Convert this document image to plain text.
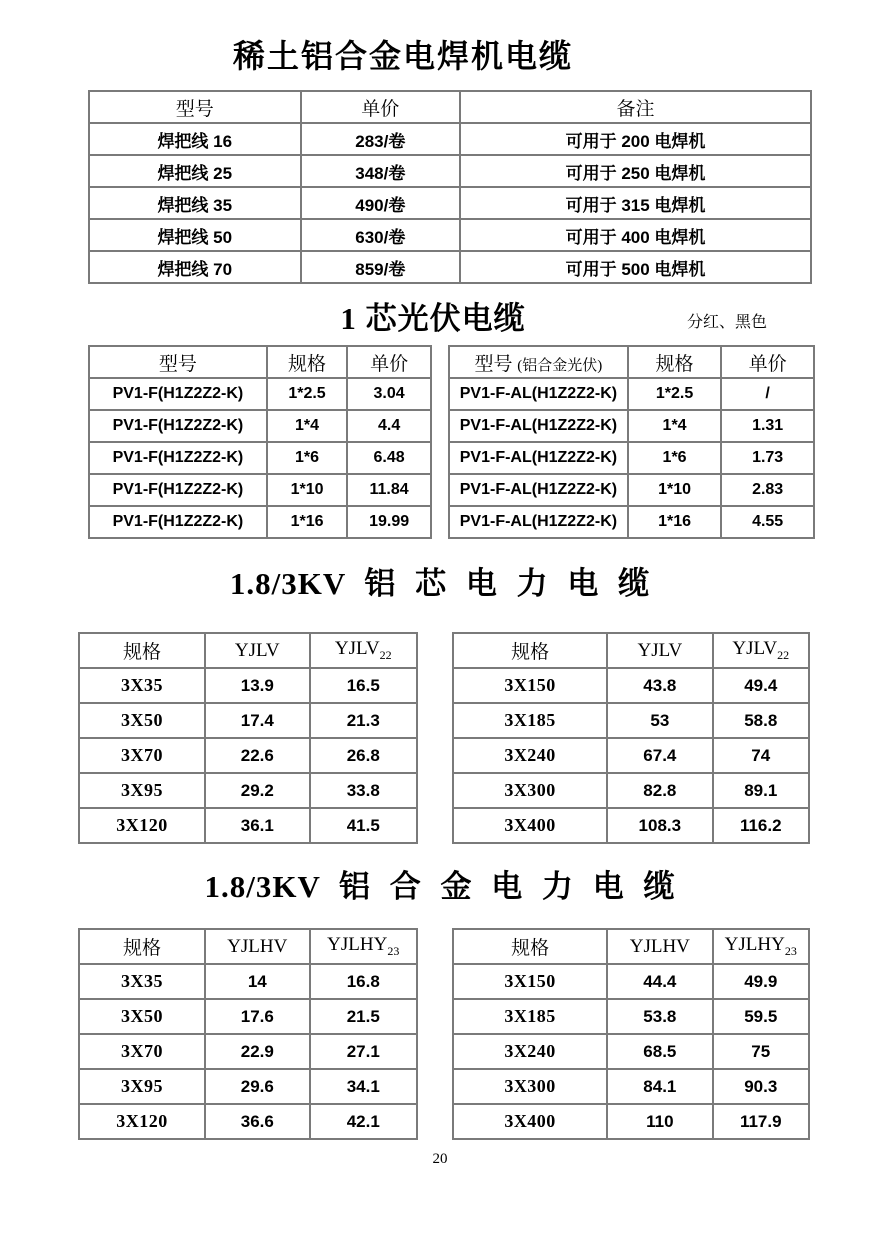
稀土铝合金电焊机电缆
型号	单价	备注
焊把线 16	283/卷	可用于 200 电焊机
焊把线 25	348/卷	可用于 250 电焊机
焊把线 35	490/卷	可用于 315 电焊机
焊把线 50	630/卷	可用于 400 电焊机
焊把线 70	859/卷	可用于 500 电焊机
1 芯光伏电缆	分红、黑色
型号	规格	单价
PV1-F(H1Z2Z2-K)	1*2.5	3.04
PV1-F(H1Z2Z2-K)	1*4	4.4
PV1-F(H1Z2Z2-K)	1*6	6.48
PV1-F(H1Z2Z2-K)	1*10	11.84
PV1-F(H1Z2Z2-K)	1*16	19.99
型号 (铝合金光伏)	规格	单价
PV1-F-AL(H1Z2Z2-K)	1*2.5	/
PV1-F-AL(H1Z2Z2-K)	1*4	1.31
PV1-F-AL(H1Z2Z2-K)	1*6	1.73
PV1-F-AL(H1Z2Z2-K)	1*10	2.83
PV1-F-AL(H1Z2Z2-K)	1*16	4.55
1.8/3KV 铝 芯 电 力 电 缆
规格	YJLV	$YJLV_{22}$
3X35	13.9	16.5
3X50	17.4	21.3
3X70	22.6	26.8
3X95	29.2	33.8
3X120	36.1	41.5
规格	YJLV	$YJLV_{22}$
3X150	43.8	49.4
3X185	53	58.8
3X240	67.4	74
3X300	82.8	89.1
3X400	108.3	116.2
1.8/3KV 铝 合 金 电 力 电 缆
规格	YJLHV	$YJLHY_{23}$
3X35	14	16.8
3X50	17.6	21.5
3X70	22.9	27.1
3X95	29.6	34.1
3X120	36.6	42.1
规格	YJLHV	$YJLHY_{23}$
3X150	44.4	49.9
3X185	53.8	59.5
3X240	68.5	75
3X300	84.1	90.3
3X400	110	117.9
20
